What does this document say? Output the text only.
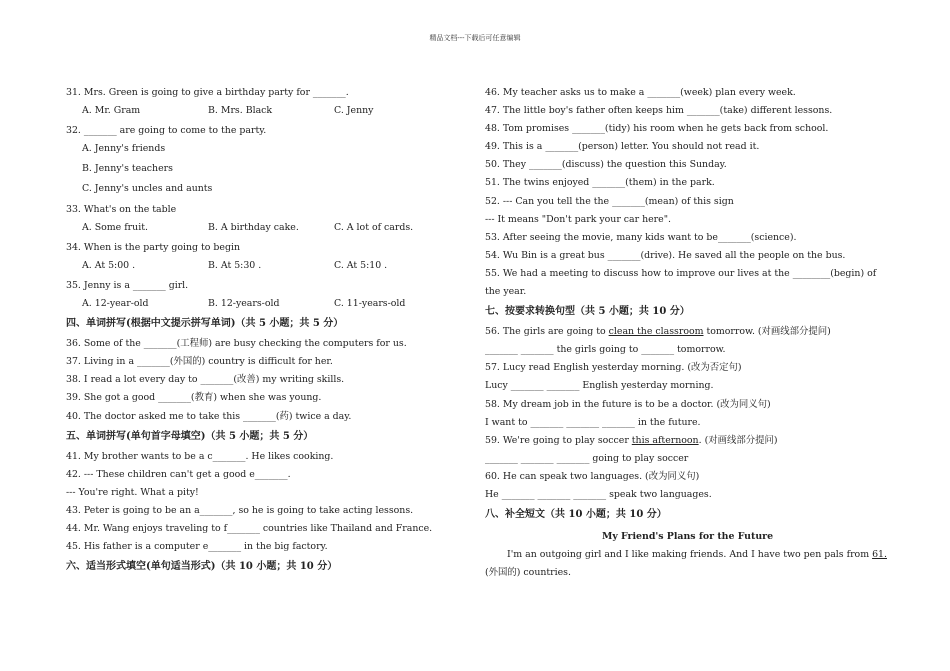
精品文档---下载后可任意编辑
31. Mrs. Green is going to give a birthday party for _______.
A. Mr. Gram	B. Mrs. Black	C. Jenny
32. _______ are going to come to the party.
A. Jenny's friends
B. Jenny's teachers
C. Jenny's uncles and aunts
33. What's on the table
A. Some fruit.	B. A birthday cake.	C. A lot of cards.
34. When is the party going to begin
A. At 5:00 .	B. At 5:30 .	C. At 5:10 .
35. Jenny is a _______ girl.
A. 12-year-old	B. 12-years-old	C. 11-years-old
四、单词拼写(根据中文提示拼写单词)（共 5 小题；共 5 分）
36. Some of the _______(工程师) are busy checking the computers for us.
37. Living in a _______(外国的) country is difficult for her.
38. I read a lot every day to _______(改善) my writing skills.
39. She got a good _______(教育) when she was young.
40. The doctor asked me to take this _______(药) twice a day.
五、单词拼写(单句首字母填空)（共 5 小题；共 5 分）
41. My brother wants to be a c_______. He likes cooking.
42. --- These children can't get a good e_______.
--- You're right. What a pity!
43. Peter is going to be an a_______, so he is going to take acting lessons.
44. Mr. Wang enjoys traveling to f_______ countries like Thailand and France.
45. His father is a computer e_______ in the big factory.
六、适当形式填空(单句适当形式)（共 10 小题；共 10 分）
46. My teacher asks us to make a _______(week) plan every week.
47. The little boy's father often keeps him _______(take) different lessons.
48. Tom promises _______(tidy) his room when he gets back from school.
49. This is a _______(person) letter. You should not read it.
50. They _______(discuss) the question this Sunday.
51. The twins enjoyed _______(them) in the park.
52. --- Can you tell the the _______(mean) of this sign
--- It means "Don't park your car here".
53. After seeing the movie, many kids want to be_______(science).
54. Wu Bin is a great bus _______(drive). He saved all the people on the bus.
55. We had a meeting to discuss how to improve our lives at the ________(begin) of
the year.
七、按要求转换句型（共 5 小题；共 10 分）
56. The girls are going to clean the classroom tomorrow. (对画线部分提问)
_______ _______ the girls going to _______ tomorrow.
57. Lucy read English yesterday morning. (改为否定句)
Lucy _______ _______ English yesterday morning.
58. My dream job in the future is to be a doctor. (改为同义句)
I want to _______ _______ _______ in the future.
59. We're going to play soccer this afternoon. (对画线部分提问)
_______ _______ _______ going to play soccer
60. He can speak two languages. (改为同义句)
He _______ _______ _______ speak two languages.
八、补全短文（共 10 小题；共 10 分）
My Friend's Plans for the Future
I'm an outgoing girl and I like making friends. And I have two pen pals from 61.
(外国的) countries.
